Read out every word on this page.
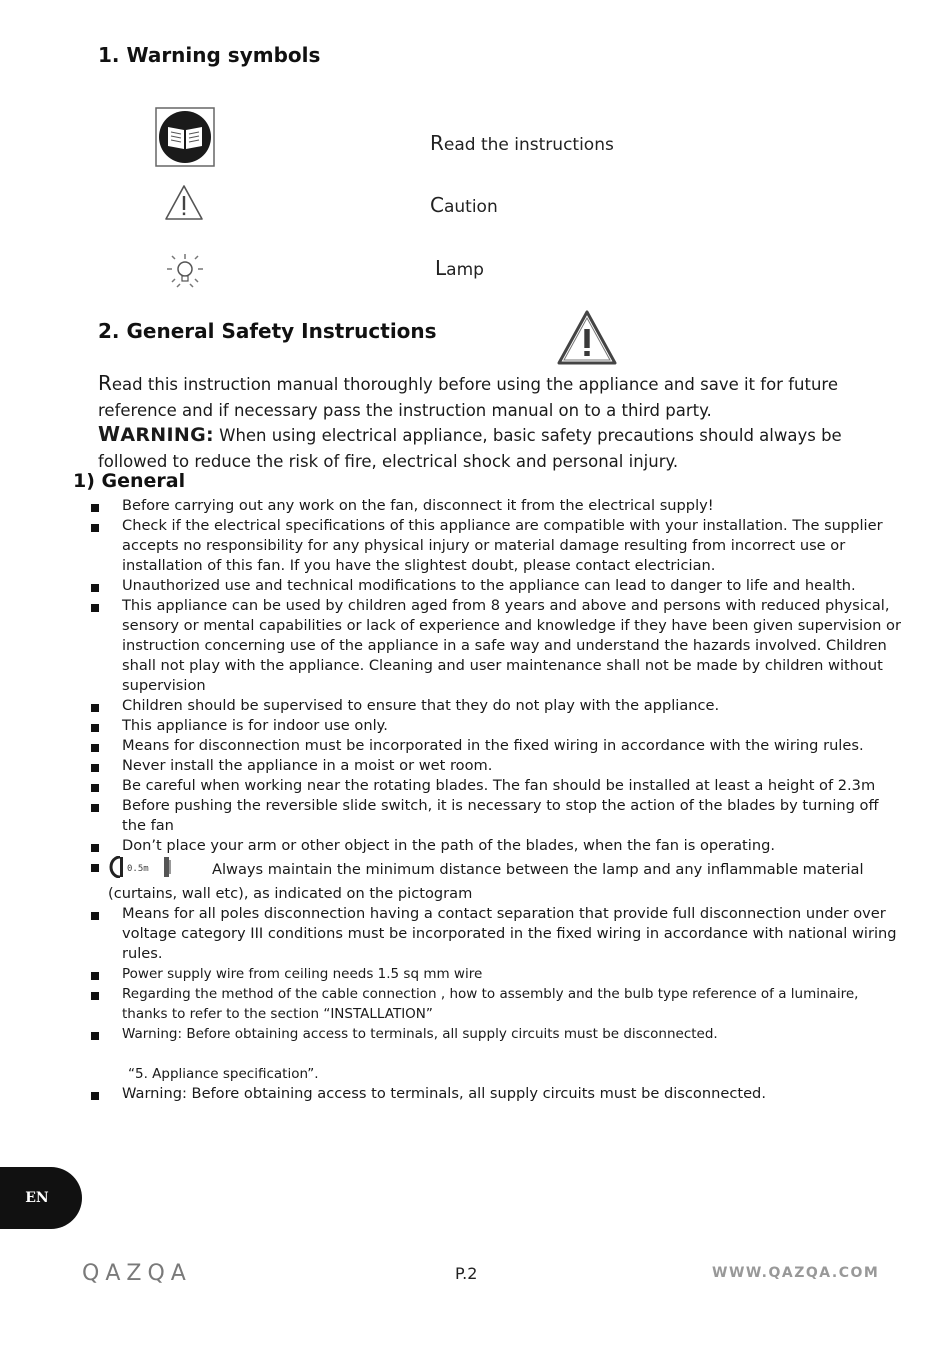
1. Warning symbols
Read the instructions
Caution
Lamp
2. General Safety Instructions
Read this instruction manual thoroughly before using the appliance and save it for future reference and if necessary pass the instruction manual on to a third party.
WARNING: When using electrical appliance, basic safety precautions should always be followed to reduce the risk of fire, electrical shock and personal injury.
1) General
Before carrying out any work on the fan, disconnect it from the electrical supply!
Check if the electrical specifications of this appliance are compatible with your installation. The supplier accepts no responsibility for any physical injury or material damage resulting from incorrect use or installation of this fan. If you have the slightest doubt, please contact electrician.
Unauthorized use and technical modifications to the appliance can lead to danger to life and health.
This appliance can be used by children aged from 8 years and above and persons with reduced physical, sensory or mental capabilities or lack of experience and knowledge if they have been given supervision or instruction concerning use of the appliance in a safe way and understand the hazards involved. Children shall not play with the appliance. Cleaning and user maintenance shall not be made by children without supervision
Children should be supervised to ensure that they do not play with the appliance.
This appliance is for indoor use only.
Means for disconnection must be incorporated in the fixed wiring in accordance with the wiring rules.
Never install the appliance in a moist or wet room.
Be careful when working near the rotating blades. The fan should be installed at least a height of 2.3m
Before pushing the reversible slide switch, it is necessary to stop the action of the blades by turning off the fan
Don’t place your arm or other object in the path of the blades, when the fan is operating.
0.5m	Always maintain the minimum distance between the lamp and any inflammable material (curtains, wall etc), as indicated on the pictogram
Means for all poles disconnection having a contact separation that provide full disconnection under over voltage category III conditions must be incorporated in the fixed wiring in accordance with national wiring rules.
Power supply wire from ceiling needs 1.5 sq mm wire
Regarding the method of the cable connection , how to assembly and the bulb type reference of a luminaire, thanks to refer to the section “INSTALLATION”
Warning: Before obtaining access to terminals, all supply circuits must be disconnected.
“5. Appliance specification”.
Warning: Before obtaining access to terminals, all supply circuits must be disconnected.
EN
QAZQA	P.2	WWW.QAZQA.COM
